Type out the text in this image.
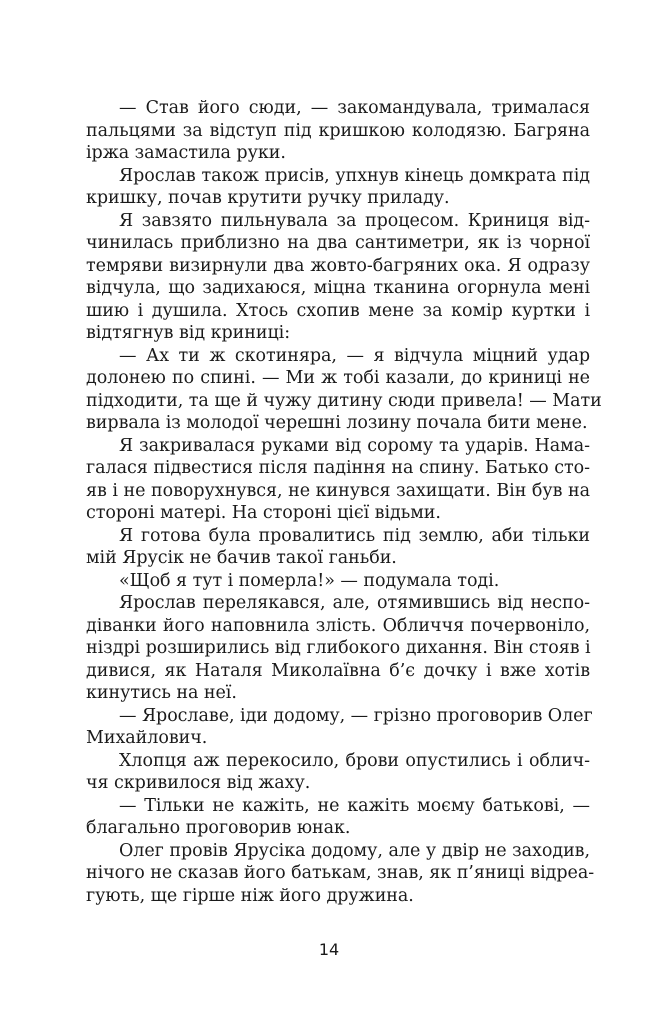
— Став його сюди, — закомандувала, трималася
пальцями за відступ під кришкою колодязю. Багряна
іржа замастила руки.
Ярослав також присів, упхнув кінець домкрата під
кришку, почав крутити ручку приладу.
Я завзято пильнувала за процесом. Криниця від-
чинилась приблизно на два сантиметри, як із чорної
темряви визирнули два жовто-багряних ока. Я одразу
відчула, що задихаюся, міцна тканина огорнула мені
шию і душила. Хтось схопив мене за комір куртки і
відтягнув від криниці:
— Ах ти ж скотиняра, — я відчула міцний удар
долонею по спині. — Ми ж тобі казали, до криниці не
підходити, та ще й чужу дитину сюди привела! — Мати
вирвала із молодої черешні лозину почала бити мене.
Я закривалася руками від сорому та ударів. Нама-
галася підвестися після падіння на спину. Батько сто-
яв і не поворухнувся, не кинувся захищати. Він був на
стороні матері. На стороні цієї відьми.
Я готова була провалитись під землю, аби тільки
мій Ярусік не бачив такої ганьби.
«Щоб я тут і померла!» — подумала тоді.
Ярослав перелякався, але, отямившись від неспо-
діванки його наповнила злість. Обличчя почервоніло,
ніздрі розширились від глибокого дихання. Він стояв і
дивися, як Наталя Миколаївна б’є дочку і вже хотів
кинутись на неї.
— Ярославе, іди додому, — грізно проговорив Олег
Михайлович.
Хлопця аж перекосило, брови опустились і облич-
чя скривилося від жаху.
— Тільки не кажіть, не кажіть моєму батькові, —
благально проговорив юнак.
Олег провів Ярусіка додому, але у двір не заходив,
нічого не сказав його батькам, знав, як п’яниці відреа-
гують, ще гірше ніж його дружина.
14
